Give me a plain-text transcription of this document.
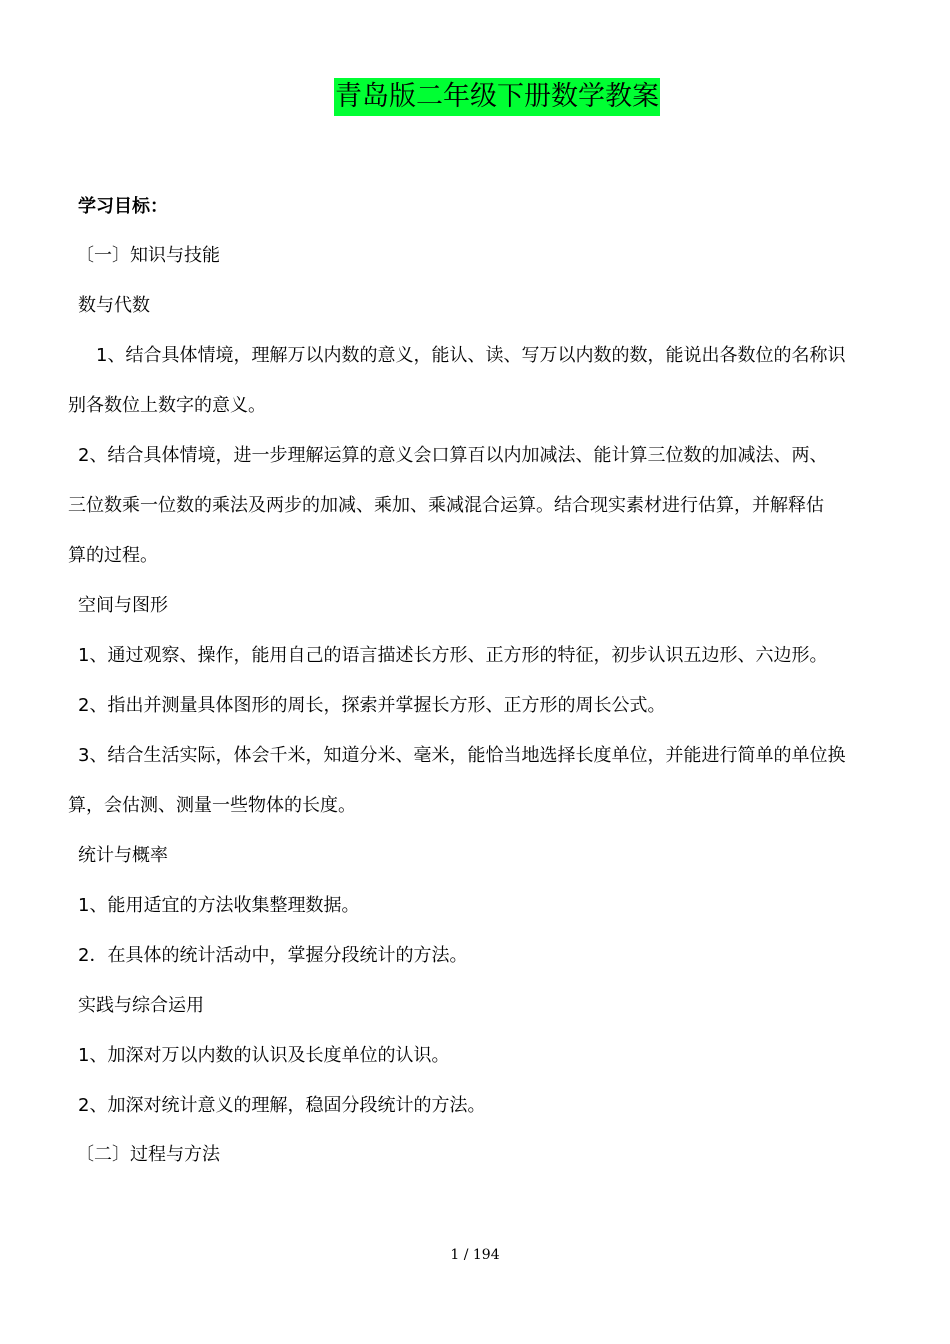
青岛版二年级下册数学教案
学习目标：
〔一〕知识与技能
数与代数
1、结合具体情境，理解万以内数的意义，能认、读、写万以内数的数，能说出各数位的名称识
别各数位上数字的意义。
2、结合具体情境，进一步理解运算的意义会口算百以内加减法、能计算三位数的加减法、两、
三位数乘一位数的乘法及两步的加减、乘加、乘减混合运算。结合现实素材进行估算，并解释估
算的过程。
空间与图形
1、通过观察、操作，能用自己的语言描述长方形、正方形的特征，初步认识五边形、六边形。
2、指出并测量具体图形的周长，探索并掌握长方形、正方形的周长公式。
3、结合生活实际，体会千米，知道分米、毫米，能恰当地选择长度单位，并能进行简单的单位换
算，会估测、测量一些物体的长度。
统计与概率
1、能用适宜的方法收集整理数据。
2．在具体的统计活动中，掌握分段统计的方法。
实践与综合运用
1、加深对万以内数的认识及长度单位的认识。
2、加深对统计意义的理解，稳固分段统计的方法。
〔二〕过程与方法
1 / 194
